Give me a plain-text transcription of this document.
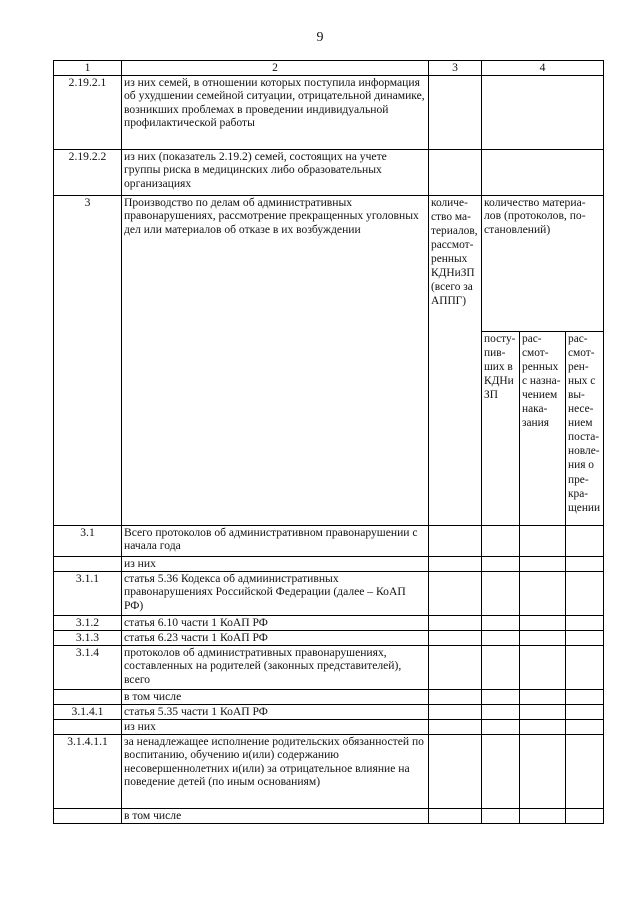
9
1	2	3	4		
2.19.2.1	из них семей, в отношении которых поступила информация об ухудшении семейной ситуации, отрицательной динамике, возникших проблемах в проведении индивидуальной профилактической работы				
2.19.2.2	из них (показатель 2.19.2) семей, состоящих на учете группы риска в медицинских либо образовательных организациях				
3	Производство по делам об административных правонарушениях, рассмотрение прекращенных уголовных дел или материалов об отказе в их возбуждении	количе-ство ма-териалов, рассмот-ренных КДНиЗП (всего за АППГ)	количество материа-лов (протоколов, по-становлений)		
			посту-пив-ших в КДНи ЗП	рас-смот-ренных с назна-чением нака-зания	рас-смот-рен-ных с вы-несе-нием поста-новле-ния о пре-кра-щении
3.1	Всего протоколов об административном правонарушении с начала года				
	из них				
3.1.1	статья 5.36 Кодекса об адмиинистративных правонарушениях Российской Федерации (далее – КоАП РФ)				
3.1.2	статья 6.10 части 1 КоАП РФ				
3.1.3	статья 6.23 части 1 КоАП РФ				
3.1.4	протоколов об административных правонарушениях, составленных на родителей (законных представителей), всего				
	в том числе				
3.1.4.1	статья 5.35 части 1 КоАП РФ				
	из них				
3.1.4.1.1	за ненадлежащее исполнение родительских обязанностей по воспитанию, обучению и(или) содержанию несовершеннолетних и(или) за отрицательное влияние на поведение детей (по иным основаниям)				
	в том числе				
